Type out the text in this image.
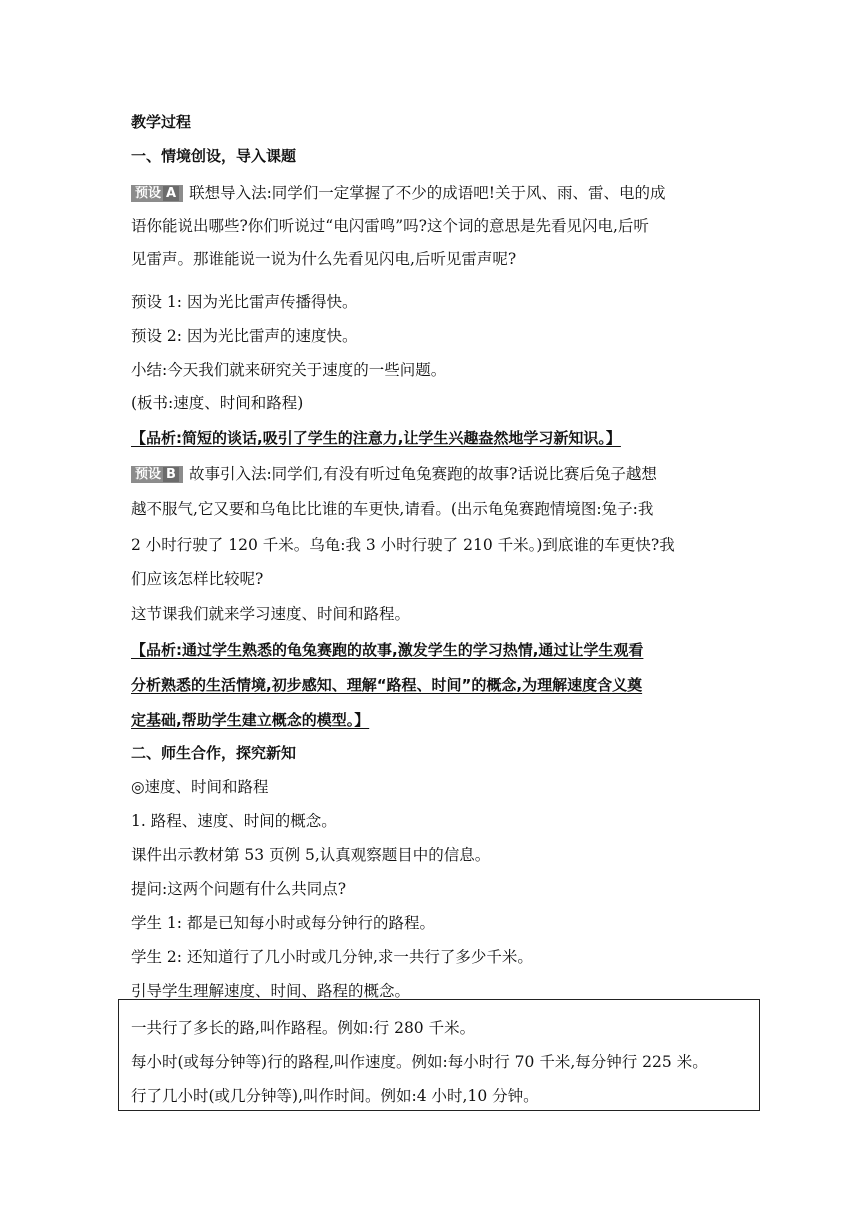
教学过程
一、情境创设，导入课题
预设 A 联想导入法:同学们一定掌握了不少的成语吧!关于风、雨、雷、电的成
语你能说出哪些?你们听说过“电闪雷鸣”吗?这个词的意思是先看见闪电,后听
见雷声。那谁能说一说为什么先看见闪电,后听见雷声呢?
预设 1: 因为光比雷声传播得快。
预设 2: 因为光比雷声的速度快。
小结:今天我们就来研究关于速度的一些问题。
(板书:速度、时间和路程)
【品析:简短的谈话,吸引了学生的注意力,让学生兴趣盎然地学习新知识。】
预设 B 故事引入法:同学们,有没有听过龟兔赛跑的故事?话说比赛后兔子越想
越不服气,它又要和乌龟比比谁的车更快,请看。(出示龟兔赛跑情境图:兔子:我
2 小时行驶了 120 千米。乌龟:我 3 小时行驶了 210 千米。)到底谁的车更快?我
们应该怎样比较呢?
这节课我们就来学习速度、时间和路程。
【品析:通过学生熟悉的龟兔赛跑的故事,激发学生的学习热情,通过让学生观看
分析熟悉的生活情境,初步感知、理解“路程、时间”的概念,为理解速度含义奠
定基础,帮助学生建立概念的模型。】
二、师生合作，探究新知
◎速度、时间和路程
1. 路程、速度、时间的概念。
课件出示教材第 53 页例 5,认真观察题目中的信息。
提问:这两个问题有什么共同点?
学生 1: 都是已知每小时或每分钟行的路程。
学生 2: 还知道行了几小时或几分钟,求一共行了多少千米。
引导学生理解速度、时间、路程的概念。
一共行了多长的路,叫作路程。例如:行 280 千米。
每小时(或每分钟等)行的路程,叫作速度。例如:每小时行 70 千米,每分钟行 225 米。
行了几小时(或几分钟等),叫作时间。例如:4 小时,10 分钟。
